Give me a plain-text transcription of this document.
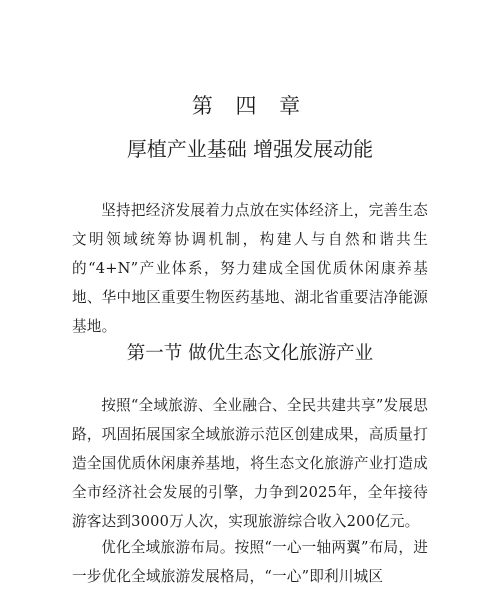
第 四 章
厚植产业基础 增强发展动能

坚持把经济发展着力点放在实体经济上，完善生态文明领域统筹协调机制，构建人与自然和谐共生的“4+N”产业体系，努力建成全国优质休闲康养基地、华中地区重要生物医药基地、湖北省重要洁净能源基地。

第一节 做优生态文化旅游产业

按照“全域旅游、全业融合、全民共建共享”发展思路，巩固拓展国家全域旅游示范区创建成果，高质量打造全国优质休闲康养基地，将生态文化旅游产业打造成全市经济社会发展的引擎，力争到2025年，全年接待游客达到3000万人次，实现旅游综合收入200亿元。

优化全域旅游布局。按照“一心一轴两翼”布局，进一步优化全域旅游发展格局，“一心”即利川城区
